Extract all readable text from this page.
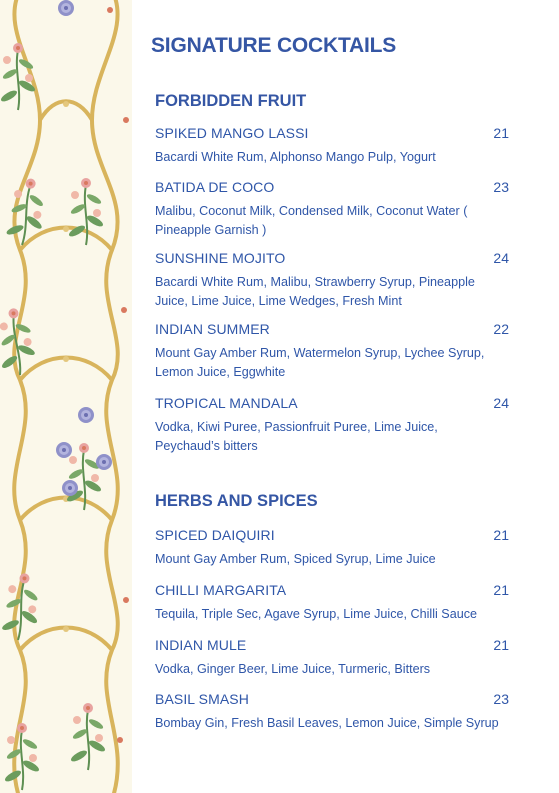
SIGNATURE COCKTAILS
FORBIDDEN FRUIT
SPIKED MANGO LASSI	21
Bacardi White Rum, Alphonso Mango Pulp, Yogurt
BATIDA DE COCO	23
Malibu, Coconut Milk, Condensed Milk, Coconut Water ( Pineapple Garnish )
SUNSHINE MOJITO	24
Bacardi White Rum, Malibu, Strawberry Syrup, Pineapple Juice, Lime Juice, Lime Wedges, Fresh Mint
INDIAN SUMMER	22
Mount Gay Amber Rum, Watermelon Syrup, Lychee Syrup, Lemon Juice, Eggwhite
TROPICAL MANDALA	24
Vodka, Kiwi Puree, Passionfruit Puree, Lime Juice, Peychaud’s bitters
HERBS AND SPICES
SPICED DAIQUIRI	21
Mount Gay Amber Rum, Spiced Syrup, Lime Juice
CHILLI MARGARITA	21
Tequila, Triple Sec, Agave Syrup, Lime Juice, Chilli Sauce
INDIAN MULE	21
Vodka, Ginger Beer, Lime Juice, Turmeric, Bitters
BASIL SMASH	23
Bombay Gin, Fresh Basil Leaves, Lemon Juice, Simple Syrup
